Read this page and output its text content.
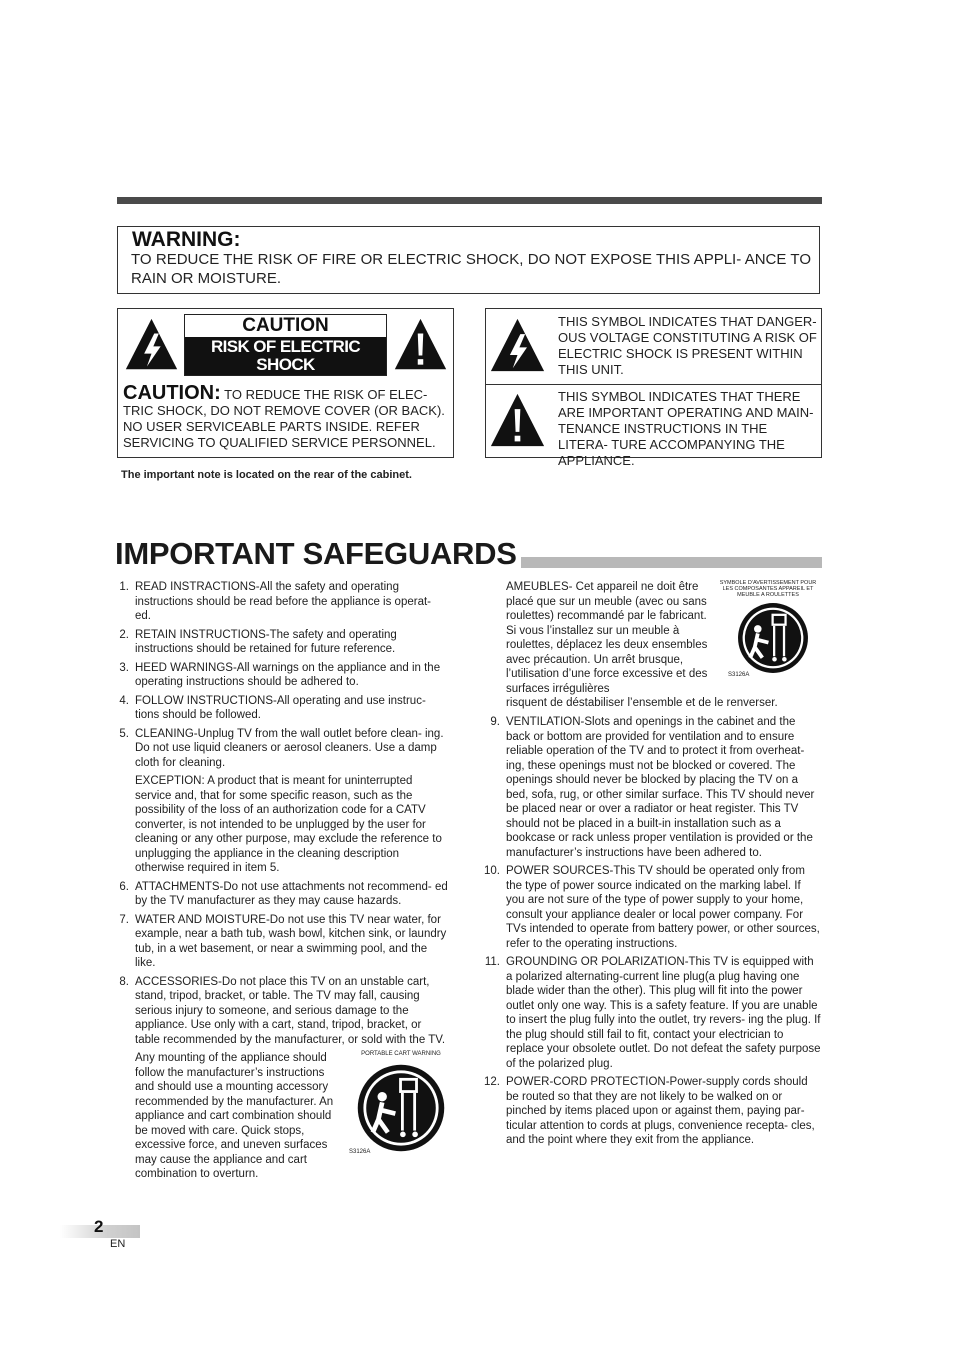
WARNING:
TO REDUCE THE RISK OF FIRE OR ELECTRIC SHOCK, DO NOT EXPOSE THIS APPLI- ANCE TO RAIN OR MOISTURE.
CAUTION
RISK OF ELECTRIC SHOCK
DO NOT OPEN
CAUTION: TO REDUCE THE RISK OF ELEC- TRIC SHOCK, DO NOT REMOVE COVER (OR BACK). NO USER SERVICEABLE PARTS INSIDE. REFER SERVICING TO QUALIFIED SERVICE PERSONNEL.
THIS SYMBOL INDICATES THAT DANGER- OUS VOLTAGE CONSTITUTING A RISK OF ELECTRIC SHOCK IS PRESENT WITHIN THIS UNIT.
THIS SYMBOL INDICATES THAT THERE ARE IMPORTANT OPERATING AND MAIN- TENANCE INSTRUCTIONS IN THE LITERA- TURE ACCOMPANYING THE APPLIANCE.
The important note is located on the rear of the cabinet.
IMPORTANT SAFEGUARDS
1. READ INSTRACTIONS-All the safety and operating instructions should be read before the appliance is operat- ed.
2. RETAIN INSTRUCTIONS-The safety and operating instructions should be retained for future reference.
3. HEED WARNINGS-All warnings on the appliance and in the operating instructions should be adhered to.
4. FOLLOW INSTRUCTIONS-All operating and use instruc- tions should be followed.
5. CLEANING-Unplug TV from the wall outlet before clean- ing. Do not use liquid cleaners or aerosol cleaners. Use a damp cloth for cleaning.
EXCEPTION: A product that is meant for uninterrupted service and, that for some specific reason, such as the possibility of the loss of an authorization code for a CATV converter, is not intended to be unplugged by the user for cleaning or any other purpose, may exclude the reference to unplugging the appliance in the cleaning description otherwise required in item 5.
6. ATTACHMENTS-Do not use attachments not recommend- ed by the TV manufacturer as they may cause hazards.
7. WATER AND MOISTURE-Do not use this TV near water, for example, near a bath tub, wash bowl, kitchen sink, or laundry tub, in a wet basement, or near a swimming pool, and the like.
8. ACCESSORIES-Do not place this TV on an unstable cart, stand, tripod, bracket, or table. The TV may fall, causing serious injury to someone, and serious damage to the appliance. Use only with a cart, stand, tripod, bracket, or table recommended by the manufacturer, or sold with the TV.
Any mounting of the appliance should follow the manufacturer’s instructions and should use a mounting accessory recommended by the manufacturer. An appliance and cart combination should be moved with care. Quick stops, excessive force, and uneven surfaces may cause the appliance and cart combination to overturn.
PORTABLE CART WARNING
S3126A
AMEUBLES- Cet appareil ne doit être placé que sur un meuble (avec ou sans roulettes) recommandé par le fabricant. Si vous l’installez sur un meuble à roulettes, déplacez les deux ensembles avec précaution. Un arrêt brusque, l’utilisation d’une force excessive et des surfaces irrégulières
SYMBOLE D’AVERTISSEMENT POUR LES COMPOSANTES APPAREIL ET MEUBLE A ROULETTES
S3126A
risquent de déstabiliser l’ensemble et de le renverser.
9. VENTILATION-Slots and openings in the cabinet and the back or bottom are provided for ventilation and to ensure reliable operation of the TV and to protect it from overheat- ing, these openings must not be blocked or covered. The openings should never be blocked by placing the TV on a bed, sofa, rug, or other similar surface. This TV should never be placed near or over a radiator or heat register. This TV should not be placed in a built-in installation such as a bookcase or rack unless proper ventilation is provided or the manufacturer’s instructions have been adhered to.
10. POWER SOURCES-This TV should be operated only from the type of power source indicated on the marking label. If you are not sure of the type of power supply to your home, consult your appliance dealer or local power company. For TVs intended to operate from battery power, or other sources, refer to the operating instructions.
11. GROUNDING OR POLARIZATION-This TV is equipped with a polarized alternating-current line plug(a plug having one blade wider than the other). This plug will fit into the power outlet only one way. This is a safety feature. If you are unable to insert the plug fully into the outlet, try revers- ing the plug. If the plug should still fail to fit, contact your electrician to replace your obsolete outlet. Do not defeat the safety purpose of the polarized plug.
12. POWER-CORD PROTECTION-Power-supply cords should be routed so that they are not likely to be walked on or pinched by items placed upon or against them, paying par- ticular attention to cords at plugs, convenience recepta- cles, and the point where they exit from the appliance.
2
EN
